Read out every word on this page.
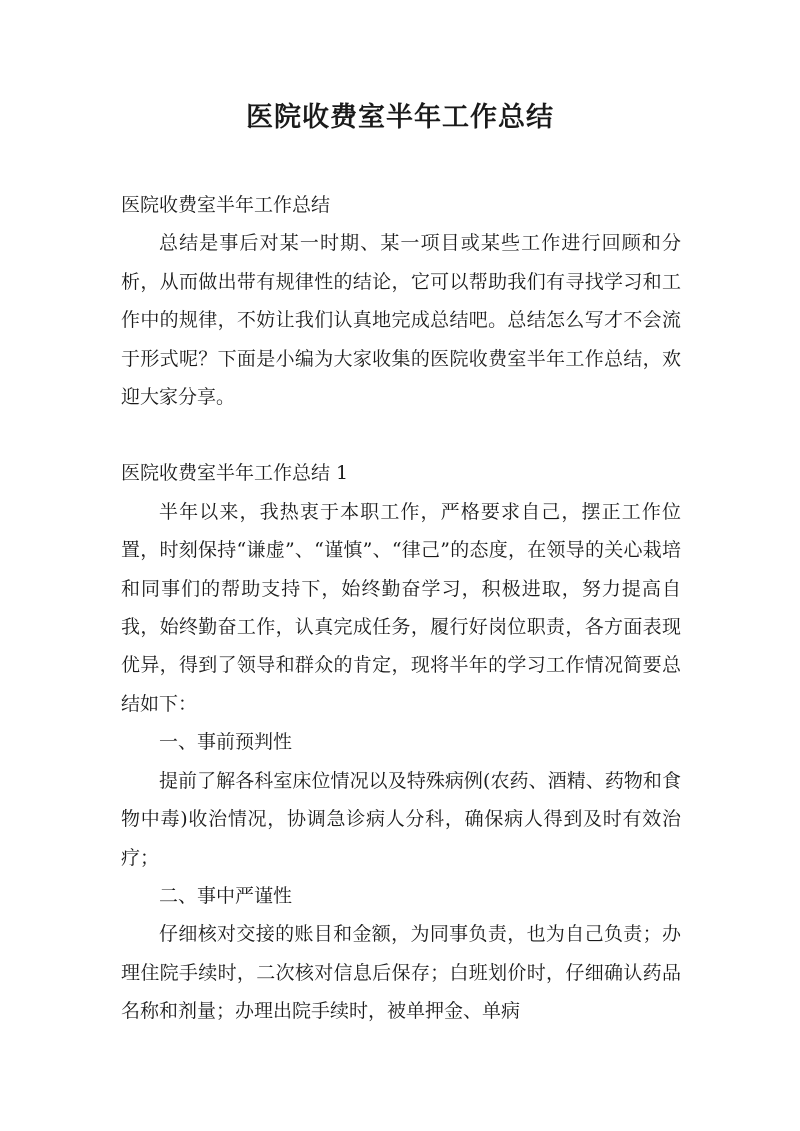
医院收费室半年工作总结

医院收费室半年工作总结

总结是事后对某一时期、某一项目或某些工作进行回顾和分析，从而做出带有规律性的结论，它可以帮助我们有寻找学习和工作中的规律，不妨让我们认真地完成总结吧。总结怎么写才不会流于形式呢？下面是小编为大家收集的医院收费室半年工作总结，欢迎大家分享。

医院收费室半年工作总结 1

半年以来，我热衷于本职工作，严格要求自己，摆正工作位置，时刻保持“谦虚”、“谨慎”、“律己”的态度，在领导的关心栽培和同事们的帮助支持下，始终勤奋学习，积极进取，努力提高自我，始终勤奋工作，认真完成任务，履行好岗位职责，各方面表现优异，得到了领导和群众的肯定，现将半年的学习工作情况简要总结如下：

一、事前预判性

提前了解各科室床位情况以及特殊病例(农药、酒精、药物和食物中毒)收治情况，协调急诊病人分科，确保病人得到及时有效治疗；

二、事中严谨性

仔细核对交接的账目和金额，为同事负责，也为自己负责；办理住院手续时，二次核对信息后保存；白班划价时，仔细确认药品名称和剂量；办理出院手续时，被单押金、单病
